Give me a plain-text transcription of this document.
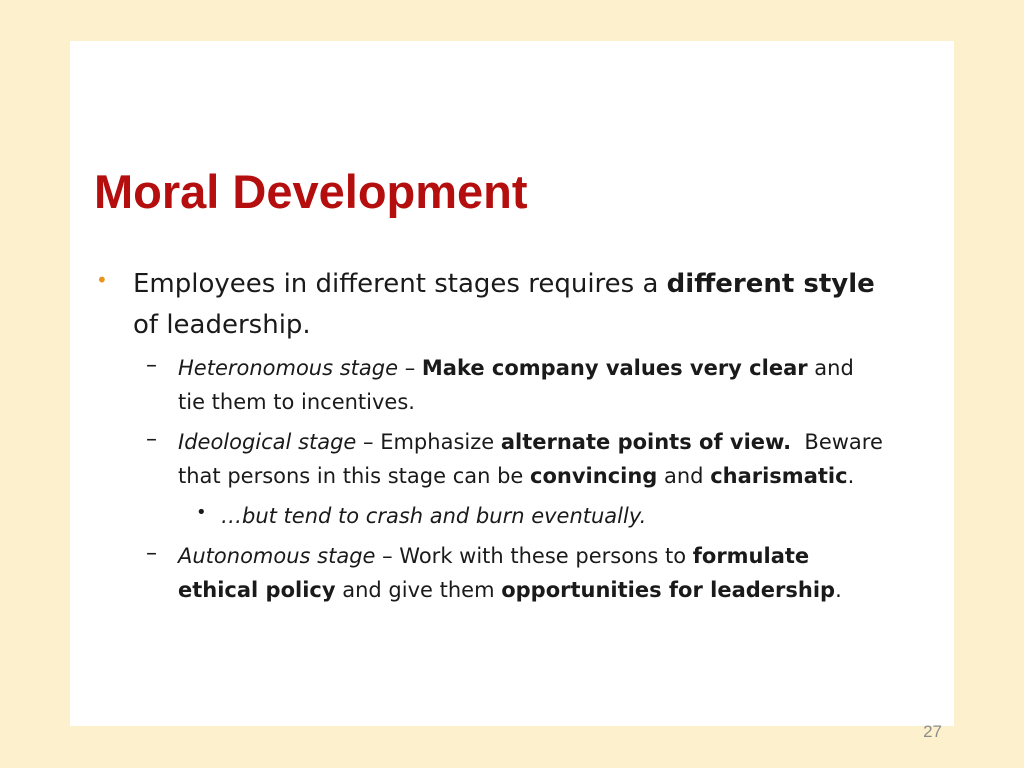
Moral Development
• Employees in different stages requires a different style
of leadership.
– Heteronomous stage – Make company values very clear and
tie them to incentives.
– Ideological stage – Emphasize alternate points of view.  Beware
that persons in this stage can be convincing and charismatic.
• …but tend to crash and burn eventually.
– Autonomous stage – Work with these persons to formulate
ethical policy and give them opportunities for leadership.
27
